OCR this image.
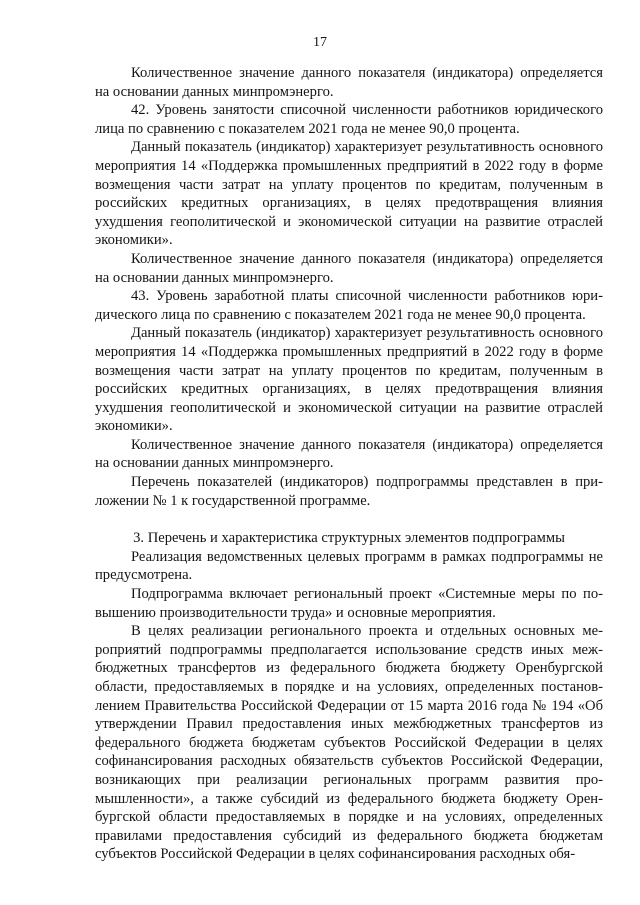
17

Количественное значение данного показателя (индикатора) определяется на основании данных минпромэнерго.

42. Уровень занятости списочной численности работников юридического лица по сравнению с показателем 2021 года не менее 90,0 процента.

Данный показатель (индикатор) характеризует результативность основного мероприятия 14 «Поддержка промышленных предприятий в 2022 году в форме возмещения части затрат на уплату процентов по кредитам, полученным в российских кредитных организациях, в целях предотвращения влияния ухудшения геополитической и экономической ситуации на развитие отраслей экономики».

Количественное значение данного показателя (индикатора) определяется на основании данных минпромэнерго.

43. Уровень заработной платы списочной численности работников юридического лица по сравнению с показателем 2021 года не менее 90,0 процента.

Данный показатель (индикатор) характеризует результативность основного мероприятия 14 «Поддержка промышленных предприятий в 2022 году в форме возмещения части затрат на уплату процентов по кредитам, полученным в российских кредитных организациях, в целях предотвращения влияния ухудшения геополитической и экономической ситуации на развитие отраслей экономики».

Количественное значение данного показателя (индикатора) определяется на основании данных минпромэнерго.

Перечень показателей (индикаторов) подпрограммы представлен в приложении № 1 к государственной программе.

3. Перечень и характеристика структурных элементов подпрограммы

Реализация ведомственных целевых программ в рамках подпрограммы не предусмотрена.

Подпрограмма включает региональный проект «Системные меры по повышению производительности труда» и основные мероприятия.

В целях реализации регионального проекта и отдельных основных мероприятий подпрограммы предполагается использование средств иных межбюджетных трансфертов из федерального бюджета бюджету Оренбургской области, предоставляемых в порядке и на условиях, определенных постановлением Правительства Российской Федерации от 15 марта 2016 года № 194 «Об утверждении Правил предоставления иных межбюджетных трансфертов из федерального бюджета бюджетам субъектов Российской Федерации в целях софинансирования расходных обязательств субъектов Российской Федерации, возникающих при реализации региональных программ развития промышленности», а также субсидий из федерального бюджета бюджету Оренбургской области предоставляемых в порядке и на условиях, определенных правилами предоставления субсидий из федерального бюджета бюджетам субъектов Российской Федерации в целях софинансирования расходных обя-
